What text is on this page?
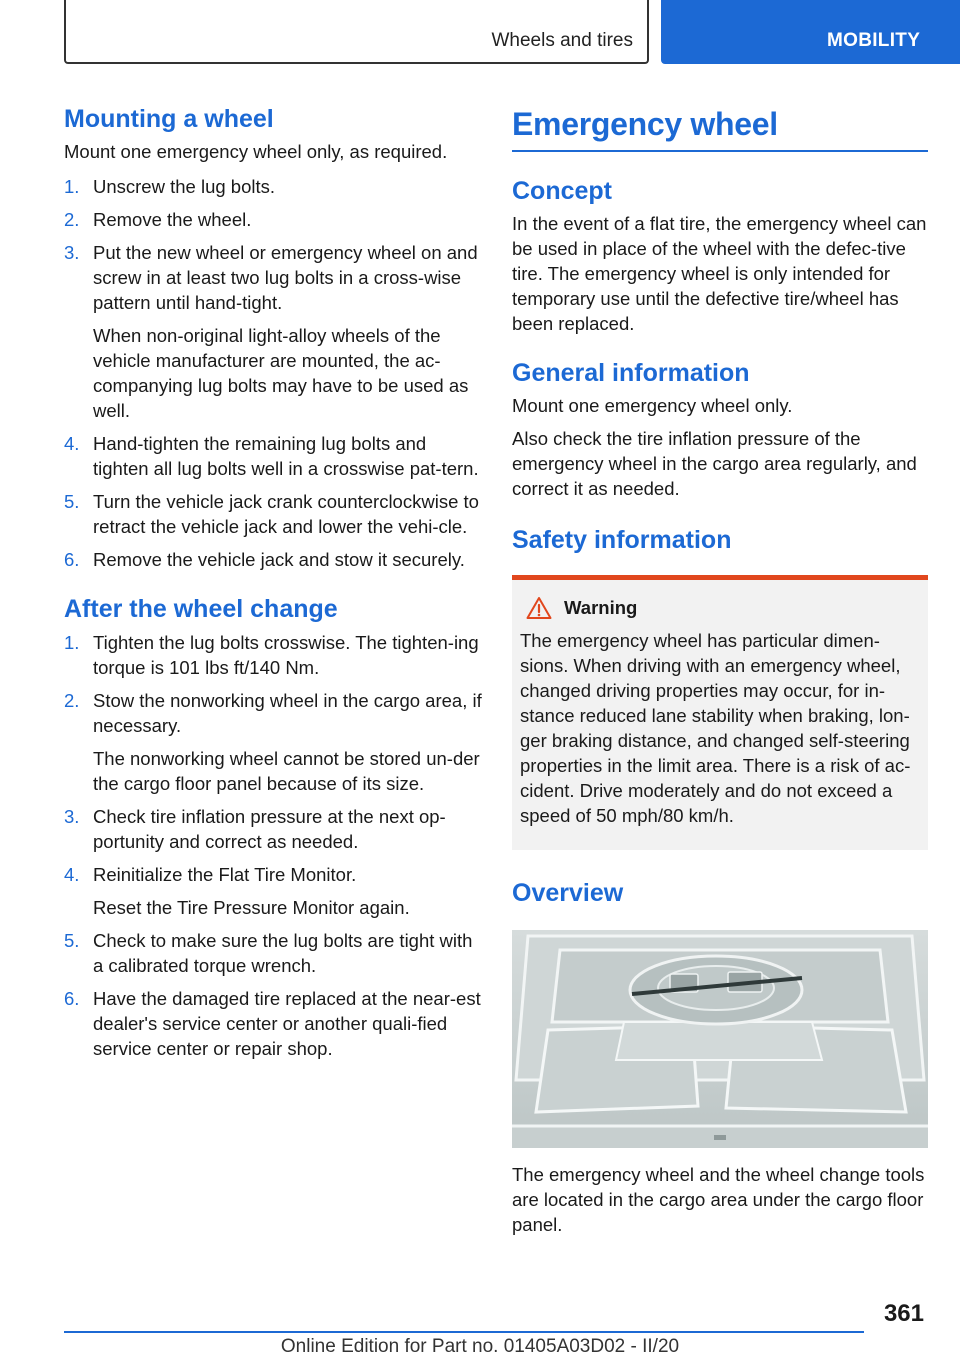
Wheels and tires	MOBILITY
Mounting a wheel

Mount one emergency wheel only, as required.

1. Unscrew the lug bolts.

2. Remove the wheel.

3. Put the new wheel or emergency wheel on and screw in at least two lug bolts in a cross-wise pattern until hand-tight.

When non-original light-alloy wheels of the vehicle manufacturer are mounted, the ac-companying lug bolts may have to be used as well.

4. Hand-tighten the remaining lug bolts and tighten all lug bolts well in a crosswise pat-tern.

5. Turn the vehicle jack crank counterclockwise to retract the vehicle jack and lower the vehi-cle.

6. Remove the vehicle jack and stow it securely.

After the wheel change
1. Tighten the lug bolts crosswise. The tighten-ing torque is 101 lbs ft/140 Nm.

2. Stow the nonworking wheel in the cargo area, if necessary.

The nonworking wheel cannot be stored un-der the cargo floor panel because of its size.

3. Check tire inflation pressure at the next op-portunity and correct as needed.

4. Reinitialize the Flat Tire Monitor.

Reset the Tire Pressure Monitor again.

5. Check to make sure the lug bolts are tight with a calibrated torque wrench.

6. Have the damaged tire replaced at the near-est dealer's service center or another quali-fied service center or repair shop.

Emergency wheel
Concept

In the event of a flat tire, the emergency wheel can be used in place of the wheel with the defec-tive tire. The emergency wheel is only intended for temporary use until the defective tire/wheel has been replaced.

General information

Mount one emergency wheel only.

Also check the tire inflation pressure of the emergency wheel in the cargo area regularly, and correct it as needed.

Safety information
Warning

The emergency wheel has particular dimen-sions. When driving with an emergency wheel, changed driving properties may occur, for in-stance reduced lane stability when braking, lon-ger braking distance, and changed self-steering properties in the limit area. There is a risk of ac-cident. Drive moderately and do not exceed a speed of 50 mph/80 km/h.

Overview

The emergency wheel and the wheel change tools are located in the cargo area under the cargo floor panel.

361
Online Edition for Part no. 01405A03D02 - II/20
